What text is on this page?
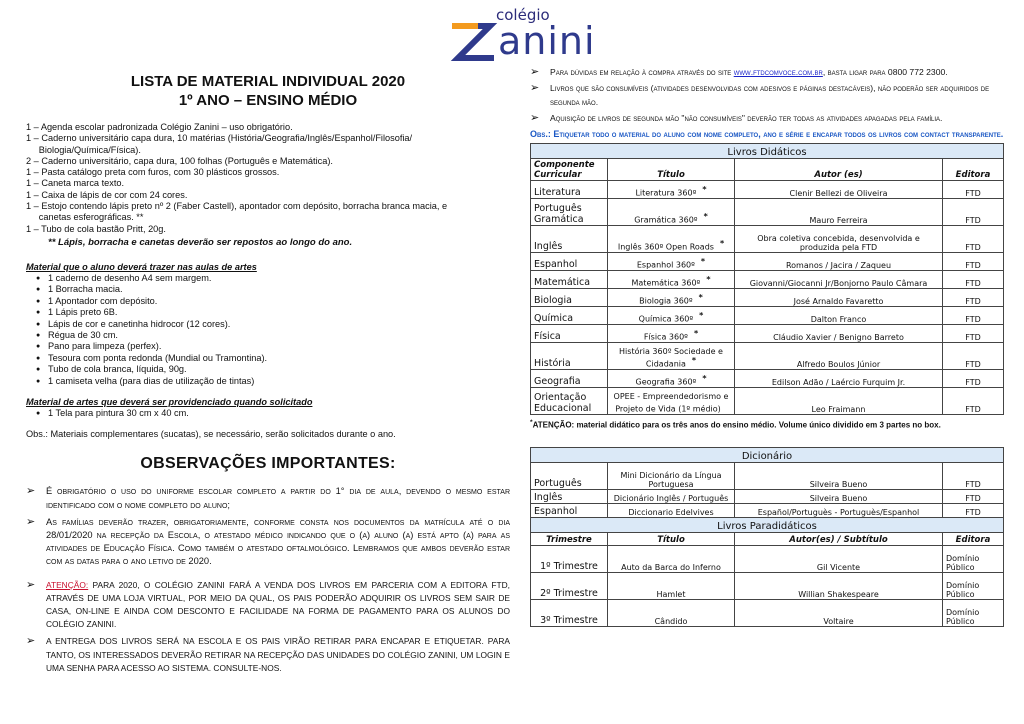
colégio
anini
LISTA DE MATERIAL INDIVIDUAL 2020
1º ANO – ENSINO MÉDIO
1 – Agenda escolar padronizada Colégio Zanini – uso obrigatório.
1 – Caderno universitário capa dura, 10 matérias (História/Geografia/Inglês/Espanhol/Filosofia/
Biologia/Química/Física).
2 – Caderno universitário, capa dura, 100 folhas (Português e Matemática).
1 – Pasta catálogo preta com furos, com 30 plásticos grossos.
1 – Caneta marca texto.
1 – Caixa de lápis de cor com 24 cores.
1 – Estojo contendo lápis preto nº 2 (Faber Castell), apontador com depósito, borracha branca macia, e
canetas esferográficas. **
1 – Tubo de cola bastão Pritt, 20g.
** Lápis, borracha e canetas deverão ser repostos ao longo do ano.
Material que o aluno deverá trazer nas aulas de artes
● 1 caderno de desenho A4 sem margem.
● 1 Borracha macia.
● 1 Apontador com depósito.
● 1 Lápis preto 6B.
● Lápis de cor e canetinha hidrocor (12 cores).
● Régua de 30 cm.
● Pano para limpeza (perfex).
● Tesoura com ponta redonda (Mundial ou Tramontina).
● Tubo de cola branca, líquida, 90g.
● 1 camiseta velha (para dias de utilização de tintas)
Material de artes que deverá ser providenciado quando solicitado
● 1 Tela para pintura 30 cm x 40 cm.
Obs.: Materiais complementares (sucatas), se necessário, serão solicitados durante o ano.
OBSERVAÇÕES IMPORTANTES:
➢ É obrigatório o uso do uniforme escolar completo a partir do 1° dia de aula, devendo o mesmo estar identificado com o nome completo do aluno;
➢ As famílias deverão trazer, obrigatoriamente, conforme consta nos documentos da matrícula até o dia 28/01/2020 na recepção da Escola, o atestado médico indicando que o (a) aluno (a) está apto (a) para as atividades de Educação Física. Como também o atestado oftalmológico. Lembramos que ambos deverão estar com as datas para o ano letivo de 2020.
➢ ATENÇÃO: PARA 2020, O COLÉGIO ZANINI FARÁ A VENDA DOS LIVROS EM PARCERIA COM A EDITORA FTD, ATRAVÉS DE UMA LOJA VIRTUAL, POR MEIO DA QUAL, OS PAIS PODERÃO ADQUIRIR OS LIVROS SEM SAIR DE CASA, ON-LINE E AINDA COM DESCONTO E FACILIDADE NA FORMA DE PAGAMENTO PARA OS ALUNOS DO COLÉGIO ZANINI.
➢ A ENTREGA DOS LIVROS SERÁ NA ESCOLA E OS PAIS VIRÃO RETIRAR PARA ENCAPAR E ETIQUETAR. PARA TANTO, OS INTERESSADOS DEVERÃO RETIRAR NA RECEPÇÃO DAS UNIDADES DO COLÉGIO ZANINI, UM LOGIN E UMA SENHA PARA ACESSO AO SISTEMA. CONSULTE-NOS.
➢ Para dúvidas em relação à compra através do site www.ftdcomvoce.com.br, basta ligar para 0800 772 2300.
➢ Livros que são consumíveis (atividades desenvolvidas com adesivos e páginas destacáveis), não poderão ser adquiridos de segunda mão.
➢ Aquisição de livros de segunda mão "não consumíveis" deverão ter todas as atividades apagadas pela família.
Obs.: Etiquetar todo o material do aluno com nome completo, ano e série e encapar todos os livros com contact transparente.
Livros Didáticos			
Componente Curricular	Título	Autor (es)	Editora
Literatura	Literatura 360º *	Clenir Bellezi de Oliveira	FTD
Português Gramática	Gramática 360º *	Mauro Ferreira	FTD
Inglês	Inglês 360º Open Roads *	Obra coletiva concebida, desenvolvida e produzida pela FTD	FTD
Espanhol	Espanhol 360º *	Romanos / Jacira / Zaqueu	FTD
Matemática	Matemática 360º *	Giovanni/Giocanni Jr/Bonjorno Paulo Câmara	FTD
Biologia	Biologia 360º *	José Arnaldo Favaretto	FTD
Química	Química 360º *	Dalton Franco	FTD
Física	Física 360º *	Cláudio Xavier / Benigno Barreto	FTD
História	História 360º Sociedade e Cidadania *	Alfredo Boulos Júnior	FTD
Geografia	Geografia 360º *	Edilson Adão / Laércio Furquim Jr.	FTD
Orientação Educacional	OPEE - Empreendedorismo e Projeto de Vida (1º médio)	Leo Fraimann	FTD
*ATENÇÃO: material didático para os três anos do ensino médio. Volume único dividido em 3 partes no box.
Dicionário			
Português	Mini Dicionário da Língua Portuguesa	Silveira Bueno	FTD
Inglês	Dicionário Inglês / Português	Silveira Bueno	FTD
Espanhol	Diccionario Edelvives	Español/Portuguès - Portuguès/Espanhol	FTD
Livros Paradidáticos			
Trimestre	Título	Autor(es) / Subtítulo	Editora
1º Trimestre	Auto da Barca do Inferno	Gil Vicente	Domínio Público
2º Trimestre	Hamlet	Willian Shakespeare	Domínio Público
3º Trimestre	Cândido	Voltaire	Domínio Público
